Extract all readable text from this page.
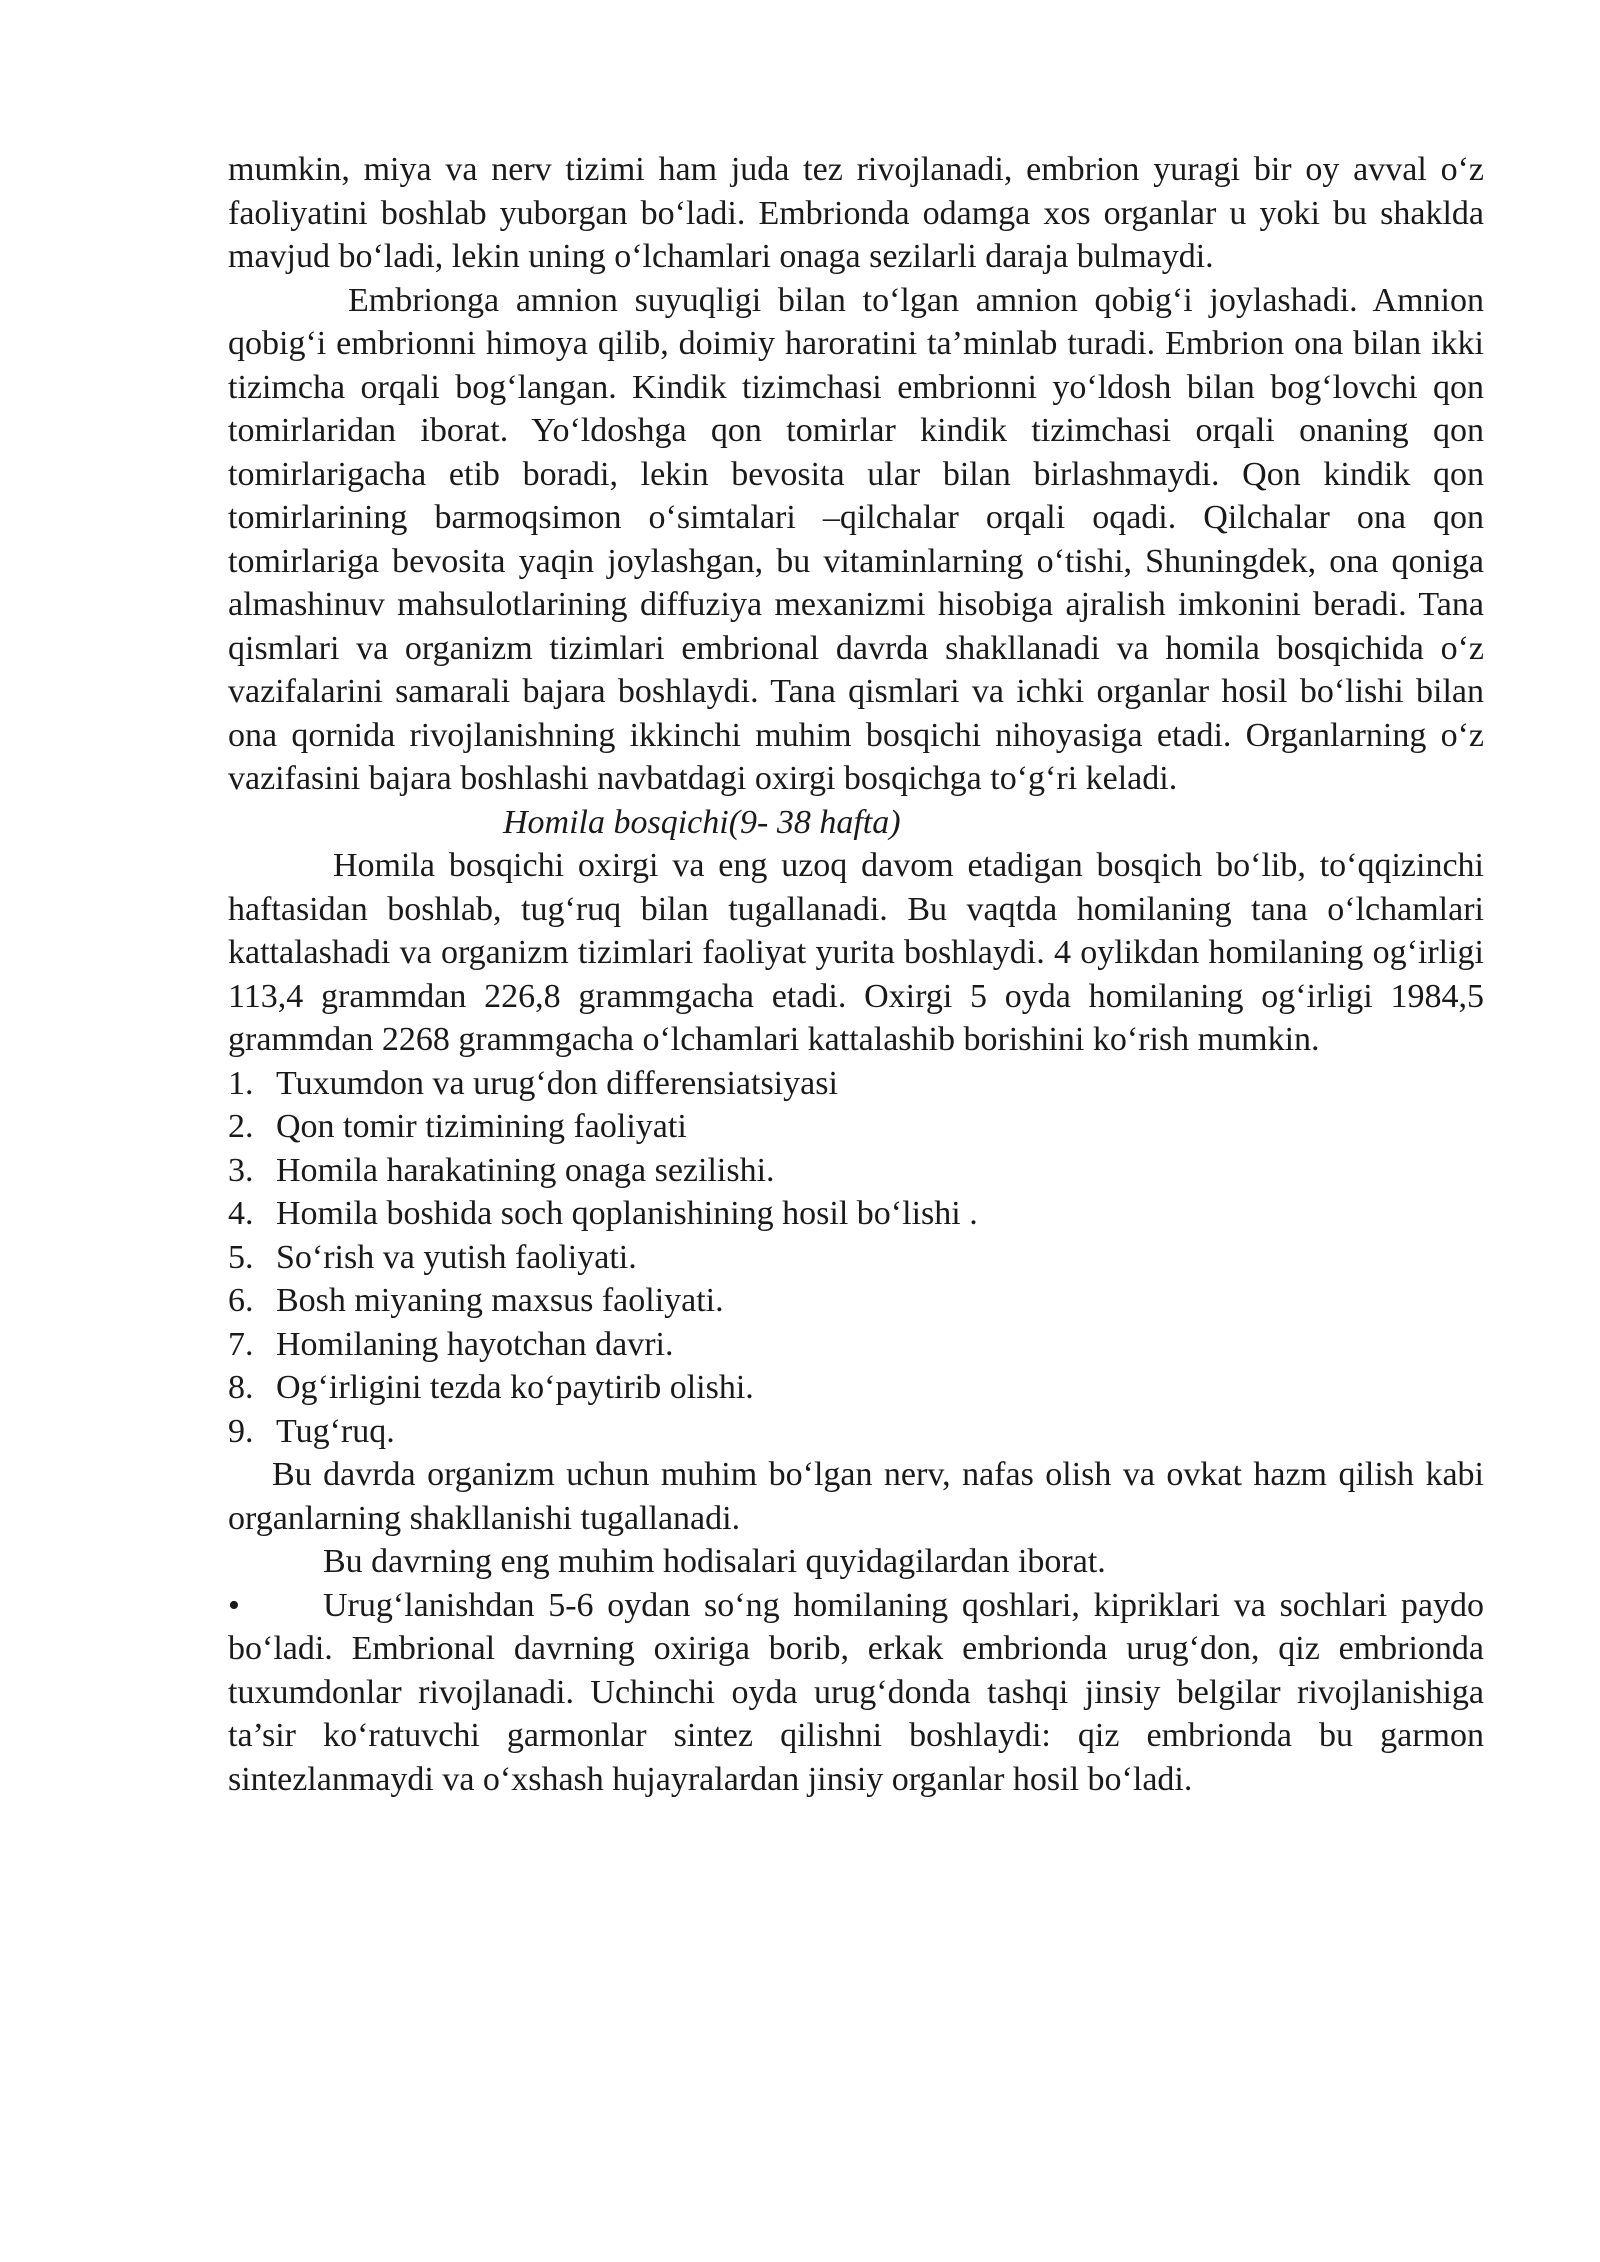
mumkin, miya va nerv tizimi ham juda tez rivojlanadi, embrion yuragi bir oy avval o‘z faoliyatini boshlab yuborgan bo‘ladi. Embrionda odamga xos organlar u yoki bu shaklda mavjud bo‘ladi, lekin uning o‘lchamlari onaga sezilarli daraja bulmaydi.

Embrionga amnion suyuqligi bilan to‘lgan amnion qobig‘i joylashadi. Amnion qobig‘i embrionni himoya qilib, doimiy haroratini ta’minlab turadi. Embrion ona bilan ikki tizimcha orqali bog‘langan. Kindik tizimchasi embrionni yo‘ldosh bilan bog‘lovchi qon tomirlaridan iborat. Yo‘ldoshga qon tomirlar kindik tizimchasi orqali onaning qon tomirlarigacha etib boradi, lekin bevosita ular bilan birlashmaydi. Qon kindik qon tomirlarining barmoqsimon o‘simtalari –qilchalar orqali oqadi. Qilchalar ona qon tomirlariga bevosita yaqin joylashgan, bu vitaminlarning o‘tishi, Shuningdek, ona qoniga almashinuv mahsulotlarining diffuziya mexanizmi hisobiga ajralish imkonini beradi. Tana qismlari va organizm tizimlari embrional davrda shakllanadi va homila bosqichida o‘z vazifalarini samarali bajara boshlaydi. Tana qismlari va ichki organlar hosil bo‘lishi bilan ona qornida rivojlanishning ikkinchi muhim bosqichi nihoyasiga etadi. Organlarning o‘z vazifasini bajara boshlashi navbatdagi oxirgi bosqichga to‘g‘ri keladi.

Homila bosqichi(9- 38 hafta)

Homila bosqichi oxirgi va eng uzoq davom etadigan bosqich bo‘lib, to‘qqizinchi haftasidan boshlab, tug‘ruq bilan tugallanadi. Bu vaqtda homilaning tana o‘lchamlari kattalashadi va organizm tizimlari faoliyat yurita boshlaydi. 4 oylikdan homilaning og‘irligi 113,4 grammdan 226,8 grammgacha etadi. Oxirgi 5 oyda homilaning og‘irligi 1984,5 grammdan 2268 grammgacha o‘lchamlari kattalashib borishini ko‘rish mumkin.

1. Tuxumdon va urug‘don differensiatsiyasi
2. Qon tomir tizimining faoliyati
3. Homila harakatining onaga sezilishi.
4. Homila boshida soch qoplanishining hosil bo‘lishi .
5. So‘rish va yutish faoliyati.
6. Bosh miyaning maxsus faoliyati.
7. Homilaning hayotchan davri.
8. Og‘irligini tezda ko‘paytirib olishi.
9. Tug‘ruq.

Bu davrda organizm uchun muhim bo‘lgan nerv, nafas olish va ovkat hazm qilish kabi organlarning shakllanishi tugallanadi.

Bu davrning eng muhim hodisalari quyidagilardan iborat.

• Urug‘lanishdan 5-6 oydan so‘ng homilaning qoshlari, kipriklari va sochlari paydo bo‘ladi. Embrional davrning oxiriga borib, erkak embrionda urug‘don, qiz embrionda tuxumdonlar rivojlanadi. Uchinchi oyda urug‘donda tashqi jinsiy belgilar rivojlanishiga ta’sir ko‘ratuvchi garmonlar sintez qilishni boshlaydi: qiz embrionda bu garmon sintezlanmaydi va o‘xshash hujayralardan jinsiy organlar hosil bo‘ladi.
